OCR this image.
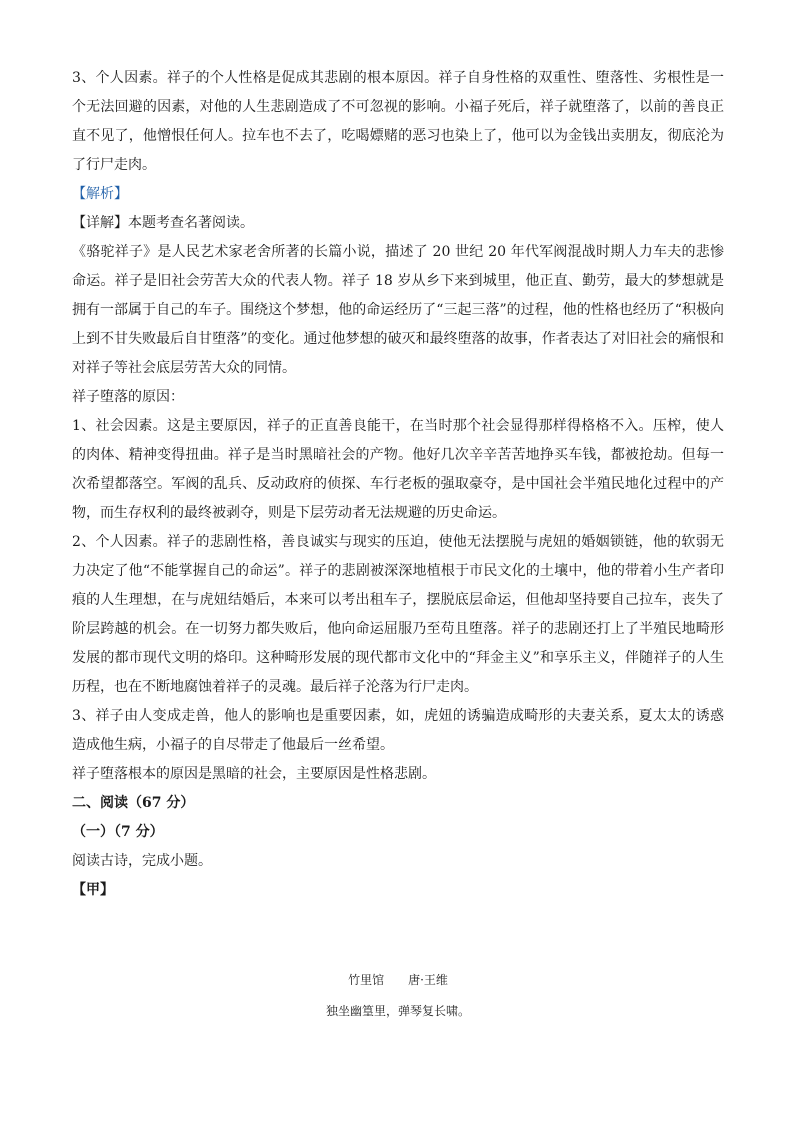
3、个人因素。祥子的个人性格是促成其悲剧的根本原因。祥子自身性格的双重性、堕落性、劣根性是一个无法回避的因素，对他的人生悲剧造成了不可忽视的影响。小福子死后，祥子就堕落了，以前的善良正直不见了，他憎恨任何人。拉车也不去了，吃喝嫖赌的恶习也染上了，他可以为金钱出卖朋友，彻底沦为了行尸走肉。

【解析】

【详解】本题考查名著阅读。

《骆驼祥子》是人民艺术家老舍所著的长篇小说，描述了 20 世纪 20 年代军阀混战时期人力车夫的悲惨命运。祥子是旧社会劳苦大众的代表人物。祥子 18 岁从乡下来到城里，他正直、勤劳，最大的梦想就是拥有一部属于自己的车子。围绕这个梦想，他的命运经历了“三起三落”的过程，他的性格也经历了“积极向上到不甘失败最后自甘堕落”的变化。通过他梦想的破灭和最终堕落的故事，作者表达了对旧社会的痛恨和对祥子等社会底层劳苦大众的同情。

祥子堕落的原因：

1、社会因素。这是主要原因，祥子的正直善良能干，在当时那个社会显得那样得格格不入。压榨，使人的肉体、精神变得扭曲。祥子是当时黑暗社会的产物。他好几次辛辛苦苦地挣买车钱，都被抢劫。但每一次希望都落空。军阀的乱兵、反动政府的侦探、车行老板的强取豪夺，是中国社会半殖民地化过程中的产物，而生存权利的最终被剥夺，则是下层劳动者无法规避的历史命运。

2、个人因素。祥子的悲剧性格，善良诚实与现实的压迫，使他无法摆脱与虎妞的婚姻锁链，他的软弱无力决定了他“不能掌握自己的命运”。祥子的悲剧被深深地植根于市民文化的土壤中，他的带着小生产者印痕的人生理想，在与虎妞结婚后，本来可以考出租车子，摆脱底层命运，但他却坚持要自己拉车，丧失了阶层跨越的机会。在一切努力都失败后，他向命运屈服乃至苟且堕落。祥子的悲剧还打上了半殖民地畸形发展的都市现代文明的烙印。这种畸形发展的现代都市文化中的“拜金主义”和享乐主义，伴随祥子的人生历程，也在不断地腐蚀着祥子的灵魂。最后祥子沦落为行尸走肉。

3、祥子由人变成走兽，他人的影响也是重要因素，如，虎妞的诱骗造成畸形的夫妻关系，夏太太的诱惑造成他生病，小福子的自尽带走了他最后一丝希望。

祥子堕落根本的原因是黑暗的社会，主要原因是性格悲剧。

二、阅读（67 分）

（一）（7 分）

阅读古诗，完成小题。

【甲】

竹里馆 唐·王维
独坐幽篁里，弹琴复长啸。
